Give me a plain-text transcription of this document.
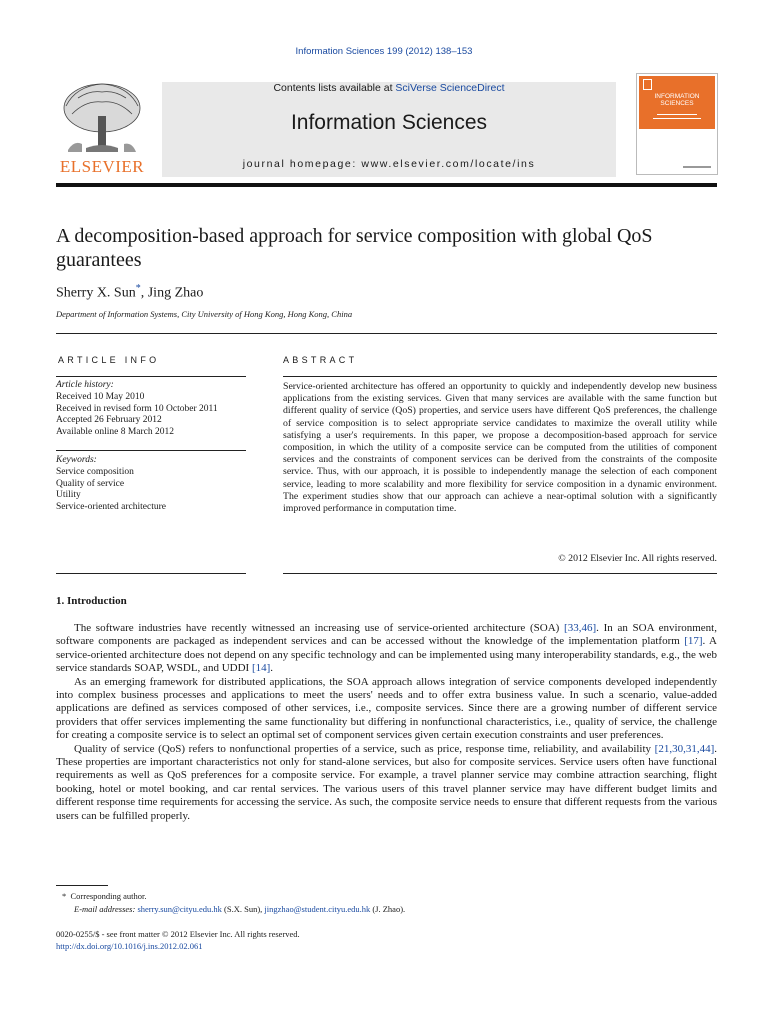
Information Sciences 199 (2012) 138–153
ELSEVIER
Contents lists available at SciVerse ScienceDirect
Information Sciences
journal homepage: www.elsevier.com/locate/ins
INFORMATION SCIENCES
A decomposition-based approach for service composition with global QoS guarantees
Sherry X. Sun*, Jing Zhao
Department of Information Systems, City University of Hong Kong, Hong Kong, China
ARTICLE INFO	ABSTRACT
Article history:
Received 10 May 2010
Received in revised form 10 October 2011
Accepted 26 February 2012
Available online 8 March 2012
Keywords:
Service composition
Quality of service
Utility
Service-oriented architecture
Service-oriented architecture has offered an opportunity to quickly and independently develop new business applications from the existing services. Given that many services are available with the same function but different quality of service (QoS) properties, and service users have different QoS preferences, the challenge of service composition is to select appropriate service candidates to maximize the overall utility while satisfying a user's requirements. In this paper, we propose a decomposition-based approach for service composition, in which the utility of a composite service can be computed from the utilities of component services and the constraints of component services can be derived from the constraints of the composite service. Thus, with our approach, it is possible to independently manage the selection of each component service, leading to more scalability and more flexibility for service composition in a dynamic environment. The experiment studies show that our approach can achieve a near-optimal solution with a significantly improved performance in computation time.
© 2012 Elsevier Inc. All rights reserved.
1. Introduction

The software industries have recently witnessed an increasing use of service-oriented architecture (SOA) [33,46]. In an SOA environment, software components are packaged as independent services and can be accessed without the knowledge of the implementation platform [17]. A service-oriented architecture does not depend on any specific technology and can be implemented using many interoperability standards, e.g., the web service standards SOAP, WSDL, and UDDI [14].

As an emerging framework for distributed applications, the SOA approach allows integration of service components developed independently into complex business processes and applications to meet the users' needs and to offer extra business value. In such a scenario, value-added applications are defined as services composed of other services, i.e., composite services. Since there are a growing number of different service providers that offer services implementing the same functionality but differing in nonfunctional characteristics, i.e., quality of service, the challenge for creating a composite service is to select an optimal set of component services given certain execution constraints and user preferences.

Quality of service (QoS) refers to nonfunctional properties of a service, such as price, response time, reliability, and availability [21,30,31,44]. These properties are important characteristics not only for stand-alone services, but also for composite services. Service users often have functional requirements as well as QoS preferences for a composite service. For example, a travel planner service may combine attraction searching, flight booking, hotel or motel booking, and car rental services. The various users of this travel planner service may have different budget limits and different response time requirements for accessing the service. As such, the composite service needs to ensure that different requests from the various users can be fulfilled properly.

* Corresponding author.
E-mail addresses: sherry.sun@cityu.edu.hk (S.X. Sun), jingzhao@student.cityu.edu.hk (J. Zhao).
0020-0255/$ - see front matter © 2012 Elsevier Inc. All rights reserved.
http://dx.doi.org/10.1016/j.ins.2012.02.061
